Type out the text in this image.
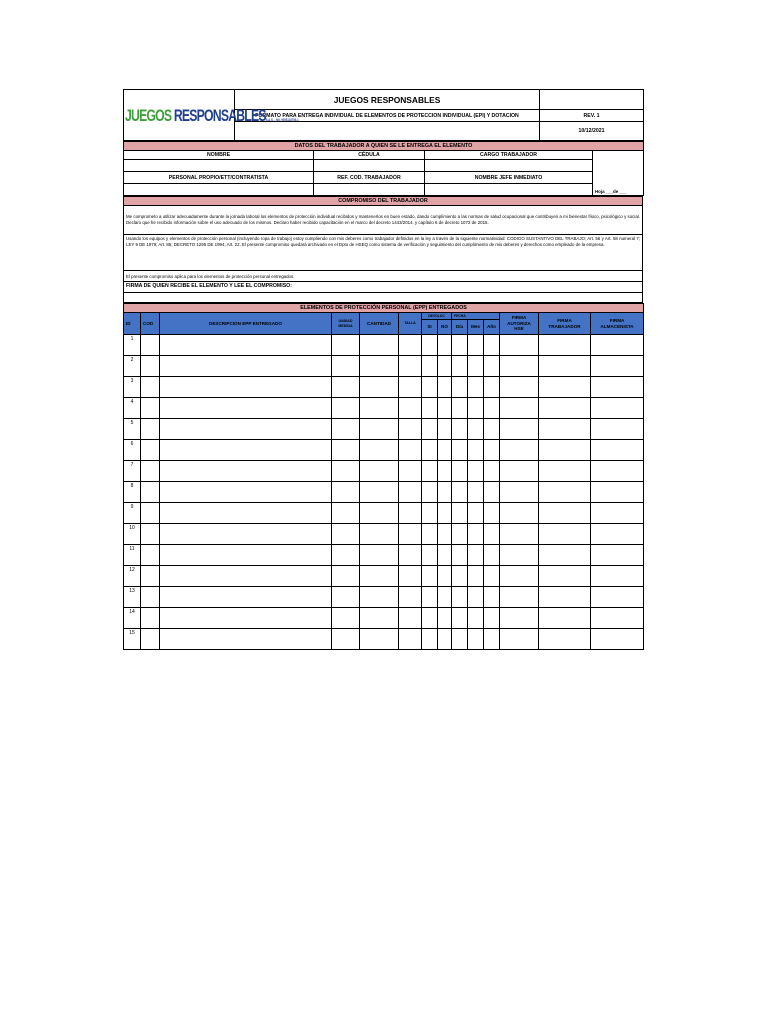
JUEGOS RESPONSABLESS.A.S. - Nit. 9006118750-1	JUEGOS RESPONSABLES	
	FORMATO PARA ENTREGA INDIVIDUAL DE ELEMENTOS DE PROTECCION INDIVIDUAL (EPI) Y DOTACION	REV. 1
		10/12/2021
DATOS DEL TRABAJADOR A QUIEN SE LE ENTREGA EL ELEMENTO			
NOMBRE	CÉDULA	CARGO TRABAJADOR	Hoja ___de ___

PERSONAL PROPIO/ETT/CONTRATISTA	REF. COD. TRABAJADOR	NOMBRE JEFE INMEDIATO	

COMPROMISO DEL TRABAJADOR
Me comprometo a utilizar adecuadamente durante la jornada laboral los elementos de protección individual recibidos y mantenerlos en buen estado, dando cumplimiento a las normas de salud ocupacional que contribuyen a mi bienestar físico, psicológico y social. Declaro que he recibido información sobre el uso adecuado de los mismos. Declaro haber recibido capacitación en el marco del decreto 1443/2014. y capítulo 6 de decreto 1072 de 2015.
Usando los equipos y elementos de protección personal (incluyendo ropa de trabajo) estoy cumpliendo con mis deberes como trabajador definidos en la ley a través de la siguiente normatividad: CODIGO SUSTANTIVO DEL TRABAJO; Art. 56 y Art. 58 numeral 7; LEY 9 DE 1979; Art. 85; DECRETO 1295 DE 1994; Art. 22. El presente compromiso quedará archivado en el Dpto de HSEQ como sistema de verificación y seguimiento del cumplimiento de mis deberes y derechos como empleado de la empresa.
El presente compromiso aplica para los elementos de protección personal entregados.
FIRMA DE QUIEN RECIBE EL ELEMENTO Y LEE EL COMPROMISO:

ELEMENTOS DE PROTECCIÓN PERSONAL (EPP) ENTREGADOS													
ID	COD	DESCRIPCION EPP ENTREGADO	UNIDAD MEDIDA	CANTIDAD	TALLA	DEVOLUC		FECHA			FIRMA AUTORIZA HSE	FIRMA TRABAJADOR	FIRMA ALMACENISTA
						SI	NO	Día	Mes	Año			
1													
2													
3													
4													
5													
6													
7													
8													
9													
10													
11													
12													
13													
14													
15													
